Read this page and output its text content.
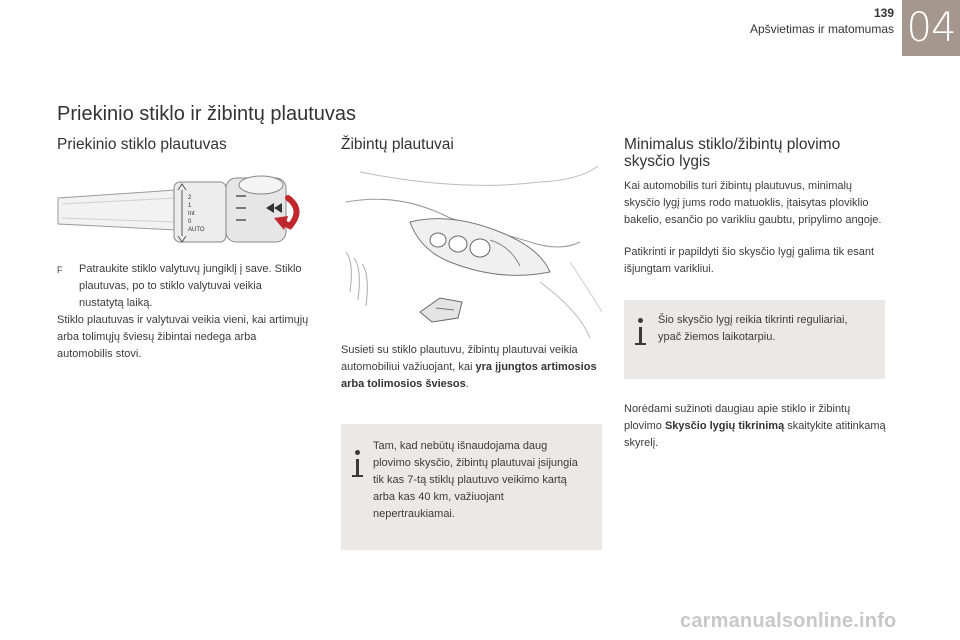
139
Apšvietimas ir matomumas 04
Priekinio stiklo ir žibintų plautuvas
Priekinio stiklo plautuvas
2
1
Int
0
AUTO
F	Patraukite stiklo valytuvų jungiklį į save. Stiklo plautuvas, po to stiklo valytuvai veikia nustatytą laiką.
Stiklo plautuvas ir valytuvai veikia vieni, kai artimųjų arba tolimųjų šviesų žibintai nedega arba automobilis stovi.
Žibintų plautuvai
Susieti su stiklo plautuvu, žibintų plautuvai veikia automobiliui važiuojant, kai yra įjungtos artimosios arba tolimosios šviesos.
Tam, kad nebūtų išnaudojama daug plovimo skysčio, žibintų plautuvai įsijungia tik kas 7-tą stiklų plautuvo veikimo kartą arba kas 40 km, važiuojant nepertraukiamai.
Minimalus stiklo/žibintų plovimo skysčio lygis
Kai automobilis turi žibintų plautuvus, minimalų skysčio lygį jums rodo matuoklis, įtaisytas ploviklio bakelio, esančio po varikliu gaubtu, pripylimo angoje.
Patikrinti ir papildyti šio skysčio lygį galima tik esant išjungtam varikliui.
Šio skysčio lygį reikia tikrinti reguliariai, ypač žiemos laikotarpiu.
Norėdami sužinoti daugiau apie stiklo ir žibintų plovimo Skysčio lygių tikrinimą skaitykite atitinkamą skyrelį.
carmanualsonline.info
